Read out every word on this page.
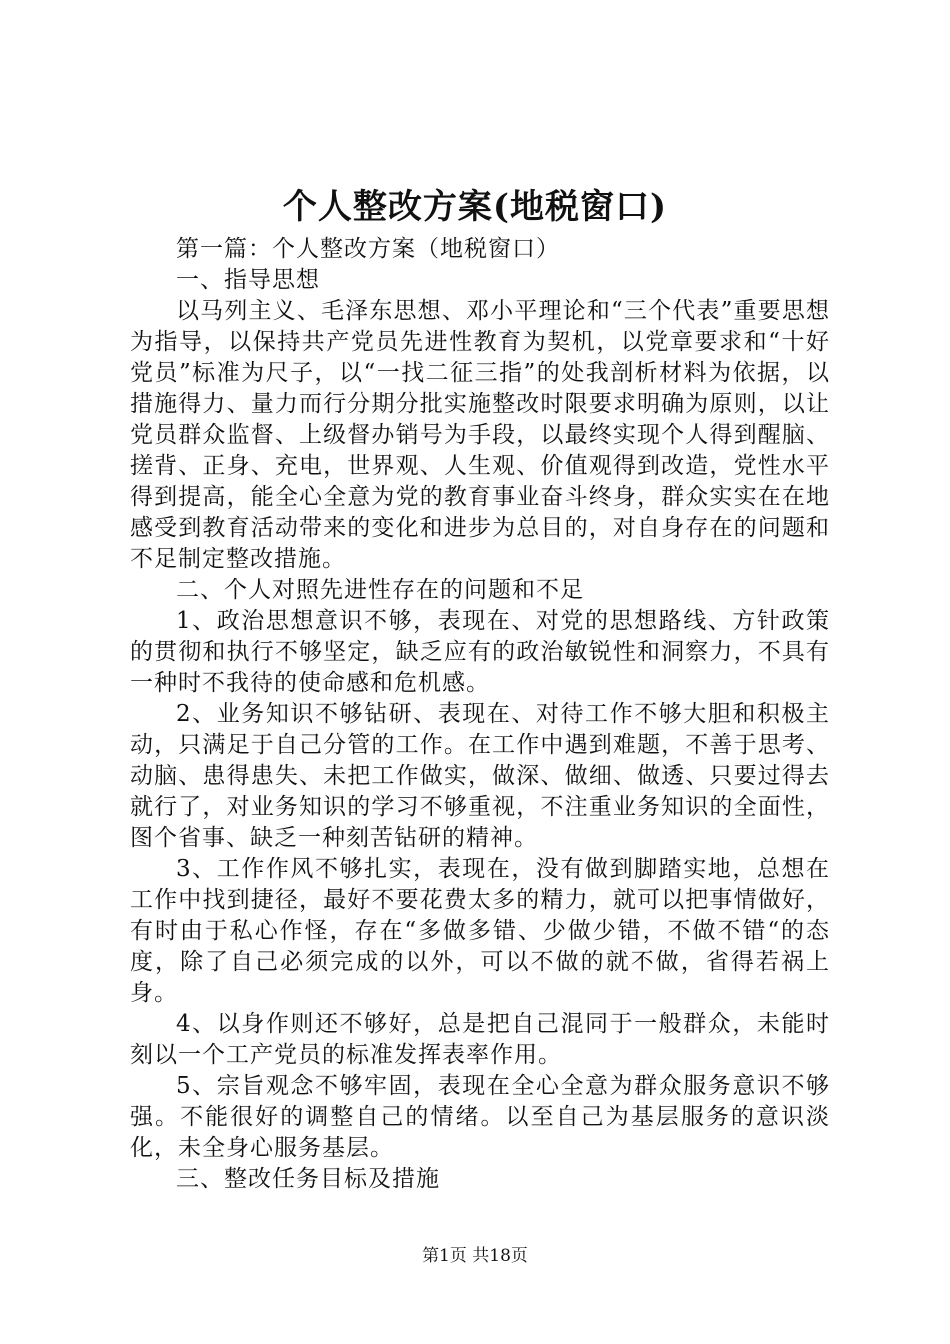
个人整改方案(地税窗口)

第一篇：个人整改方案（地税窗口）

一、指导思想

以马列主义、毛泽东思想、邓小平理论和“三个代表”重要思想为指导，以保持共产党员先进性教育为契机，以党章要求和“十好党员”标准为尺子，以“一找二征三指”的处我剖析材料为依据，以措施得力、量力而行分期分批实施整改时限要求明确为原则，以让党员群众监督、上级督办销号为手段，以最终实现个人得到醒脑、搓背、正身、充电，世界观、人生观、价值观得到改造，党性水平得到提高，能全心全意为党的教育事业奋斗终身，群众实实在在地感受到教育活动带来的变化和进步为总目的，对自身存在的问题和不足制定整改措施。

二、个人对照先进性存在的问题和不足

1、政治思想意识不够，表现在、对党的思想路线、方针政策的贯彻和执行不够坚定，缺乏应有的政治敏锐性和洞察力，不具有一种时不我待的使命感和危机感。

2、业务知识不够钻研、表现在、对待工作不够大胆和积极主动，只满足于自己分管的工作。在工作中遇到难题，不善于思考、动脑、患得患失、未把工作做实，做深、做细、做透、只要过得去就行了，对业务知识的学习不够重视，不注重业务知识的全面性，图个省事、缺乏一种刻苦钻研的精神。

3、工作作风不够扎实，表现在，没有做到脚踏实地，总想在工作中找到捷径，最好不要花费太多的精力，就可以把事情做好，有时由于私心作怪，存在“多做多错、少做少错，不做不错“的态度，除了自己必须完成的以外，可以不做的就不做，省得若祸上身。

4、以身作则还不够好，总是把自己混同于一般群众，未能时刻以一个工产党员的标准发挥表率作用。

5、宗旨观念不够牢固，表现在全心全意为群众服务意识不够强。不能很好的调整自己的情绪。以至自己为基层服务的意识淡化，未全身心服务基层。

三、整改任务目标及措施

第1页 共18页
